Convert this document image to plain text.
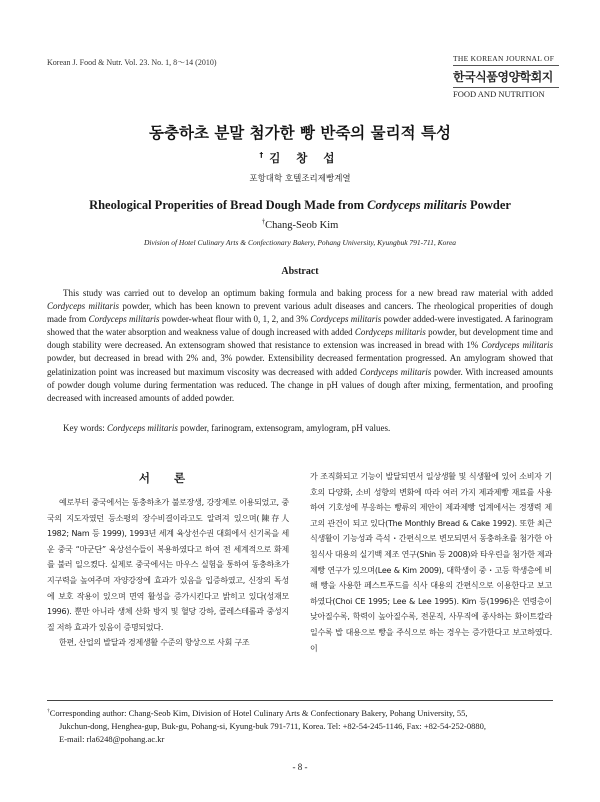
Korean J. Food & Nutr. Vol. 23. No. 1, 8～14 (2010)	THE KOREAN JOURNAL OF
한국식품영양학회지
FOOD AND NUTRITION
동충하초 분말 첨가한 빵 반죽의 물리적 특성
†김 창 섭
포항대학 호텔조리제빵계열
Rheological Properities of Bread Dough Made from Cordyceps militaris Powder
†Chang-Seob Kim
Division of Hotel Culinary Arts & Confectionary Bakery, Pohang University, Kyungbuk 791-711, Korea
Abstract

This study was carried out to develop an optimum baking formula and baking process for a new bread raw material with added Cordyceps militaris powder, which has been known to prevent various adult diseases and cancers. The rheological properities of dough made from Cordyceps militaris powder-wheat flour with 0, 1, 2, and 3% Cordyceps militaris powder added-were investigated. A farinogram showed that the water absorption and weakness value of dough increased with added Cordyceps militaris powder, but development time and dough stability were decreased. An extensogram showed that resistance to extension was increased in bread with 1% Cordyceps militaris powder, but decreased in bread with 2% and, 3% powder. Extensibility decreased fermentation progressed. An amylogram showed that gelatinization point was increased but maximum viscosity was decreased with added Cordyceps militaris powder. With increased amounts of powder dough volume during fermentation was reduced. The change in pH values of dough after mixing, fermentation, and proofing decreased with increased amounts of added powder.

Key words: Cordyceps militaris powder, farinogram, extensogram, amylogram, pH values.

서 론

예로부터 중국에서는 동충하초가 불로장생, 강장제로 이용되었고, 중국의 지도자였던 등소평의 장수비결이라고도 알려져 있으며(陳存人 1982; Nam 등 1999), 1993년 세계 육상선수권 대회에서 신기록을 세운 중국 “마군단” 육상선수들이 복용하였다고 하여 전 세계적으로 화제를 불러 일으켰다. 실제로 중국에서는 마우스 실험을 통하여 동충하초가 지구력을 높여주며 자양강장에 효과가 있음을 입증하였고, 신장의 독성에 보호 작용이 있으며 면역 활성을 증가시킨다고 밝히고 있다(성재모 1996). 뿐만 아니라 생체 산화 방지 및 혈당 강하, 콜레스테롤과 중성지질 저하 효과가 있음이 증명되었다.

한편, 산업의 발달과 경제생활 수준의 향상으로 사회 구조

가 조직화되고 기능이 발달되면서 일상생활 및 식생활에 있어 소비자 기호의 다양화, 소비 성향의 변화에 따라 여러 가지 제과제빵 재료를 사용하여 기호성에 부응하는 빵류의 제안이 제과제빵 업계에서는 경쟁력 제고의 관건이 되고 있다(The Monthly Bread & Cake 1992). 또한 최근 식생활이 기능성과 즉석・간편식으로 변모되면서 동충하초를 첨가한 아침식사 대용의 실기백 제조 연구(Shin 등 2008)와 타우린을 첨가한 제과제빵 연구가 있으며(Lee & Kim 2009), 대학생이 중・고등 학생층에 비해 빵을 사용한 페스트푸드를 식사 대용의 간편식으로 이용한다고 보고하였다(Choi CE 1995; Lee & Lee 1995). Kim 등(1996)은 연령층이 낮아질수록, 학력이 높아질수록, 전문직, 사무직에 종사하는 화이트칼라일수록 밥 대용으로 빵을 주식으로 하는 경우는 증가한다고 보고하였다. 이

†Corresponding author: Chang-Seob Kim, Division of Hotel Culinary Arts & Confectionary Bakery, Pohang University, 55,
Jukchun-dong, Henghea-gup, Buk-gu, Pohang-si, Kyung-buk 791-711, Korea. Tel: +82-54-245-1146, Fax: +82-54-252-0880,
E-mail: rla6248@pohang.ac.kr
- 8 -
